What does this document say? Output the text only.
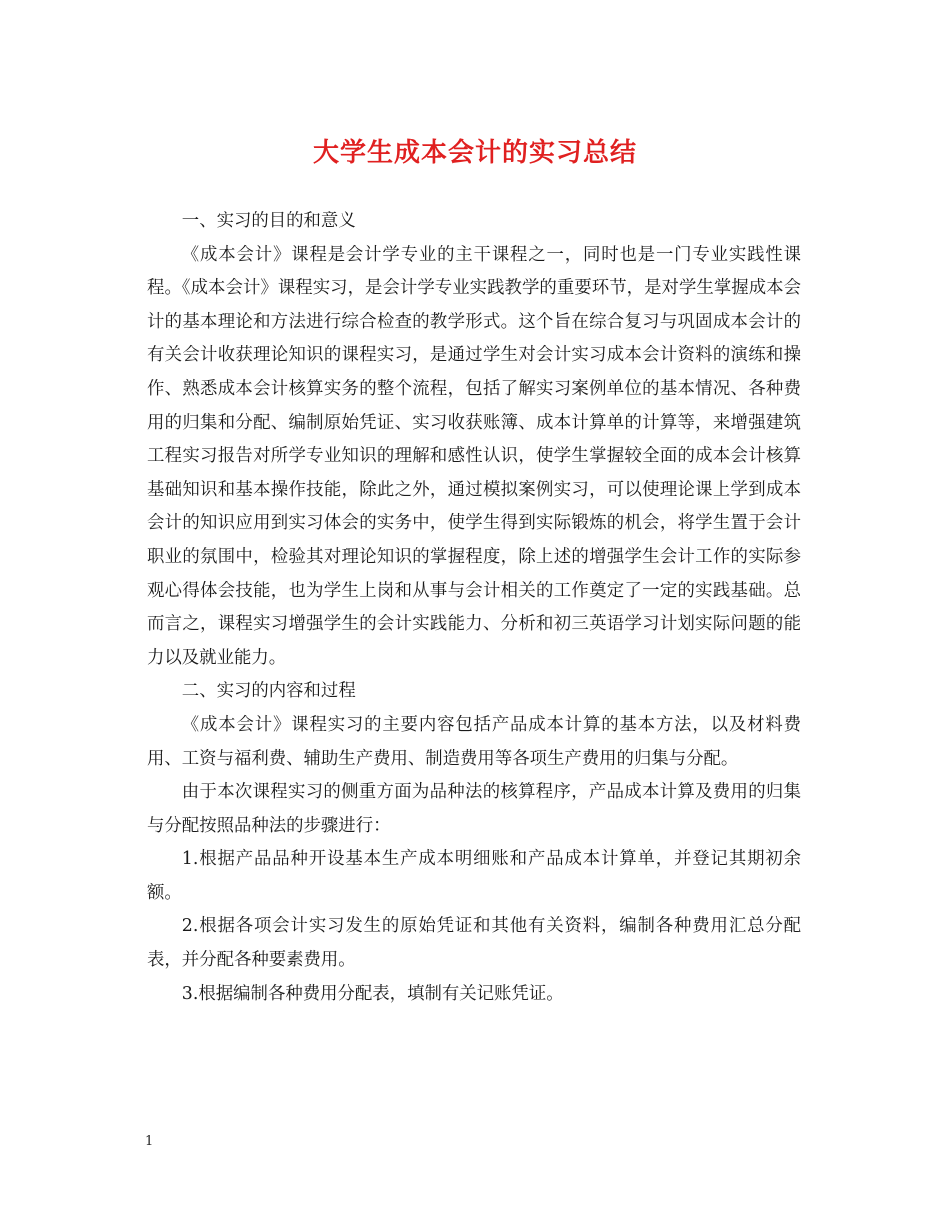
大学生成本会计的实习总结

一、实习的目的和意义

《成本会计》课程是会计学专业的主干课程之一，同时也是一门专业实践性课程。《成本会计》课程实习，是会计学专业实践教学的重要环节，是对学生掌握成本会计的基本理论和方法进行综合检查的教学形式。这个旨在综合复习与巩固成本会计的有关会计收获理论知识的课程实习，是通过学生对会计实习成本会计资料的演练和操作、熟悉成本会计核算实务的整个流程，包括了解实习案例单位的基本情况、各种费用的归集和分配、编制原始凭证、实习收获账簿、成本计算单的计算等，来增强建筑工程实习报告对所学专业知识的理解和感性认识，使学生掌握较全面的成本会计核算基础知识和基本操作技能，除此之外，通过模拟案例实习，可以使理论课上学到成本会计的知识应用到实习体会的实务中，使学生得到实际锻炼的机会，将学生置于会计职业的氛围中，检验其对理论知识的掌握程度，除上述的增强学生会计工作的实际参观心得体会技能，也为学生上岗和从事与会计相关的工作奠定了一定的实践基础。总而言之，课程实习增强学生的会计实践能力、分析和初三英语学习计划实际问题的能力以及就业能力。

二、实习的内容和过程

《成本会计》课程实习的主要内容包括产品成本计算的基本方法，以及材料费用、工资与福利费、辅助生产费用、制造费用等各项生产费用的归集与分配。

由于本次课程实习的侧重方面为品种法的核算程序，产品成本计算及费用的归集与分配按照品种法的步骤进行：

1.根据产品品种开设基本生产成本明细账和产品成本计算单，并登记其期初余额。

2.根据各项会计实习发生的原始凭证和其他有关资料，编制各种费用汇总分配表，并分配各种要素费用。

3.根据编制各种费用分配表，填制有关记账凭证。

1
